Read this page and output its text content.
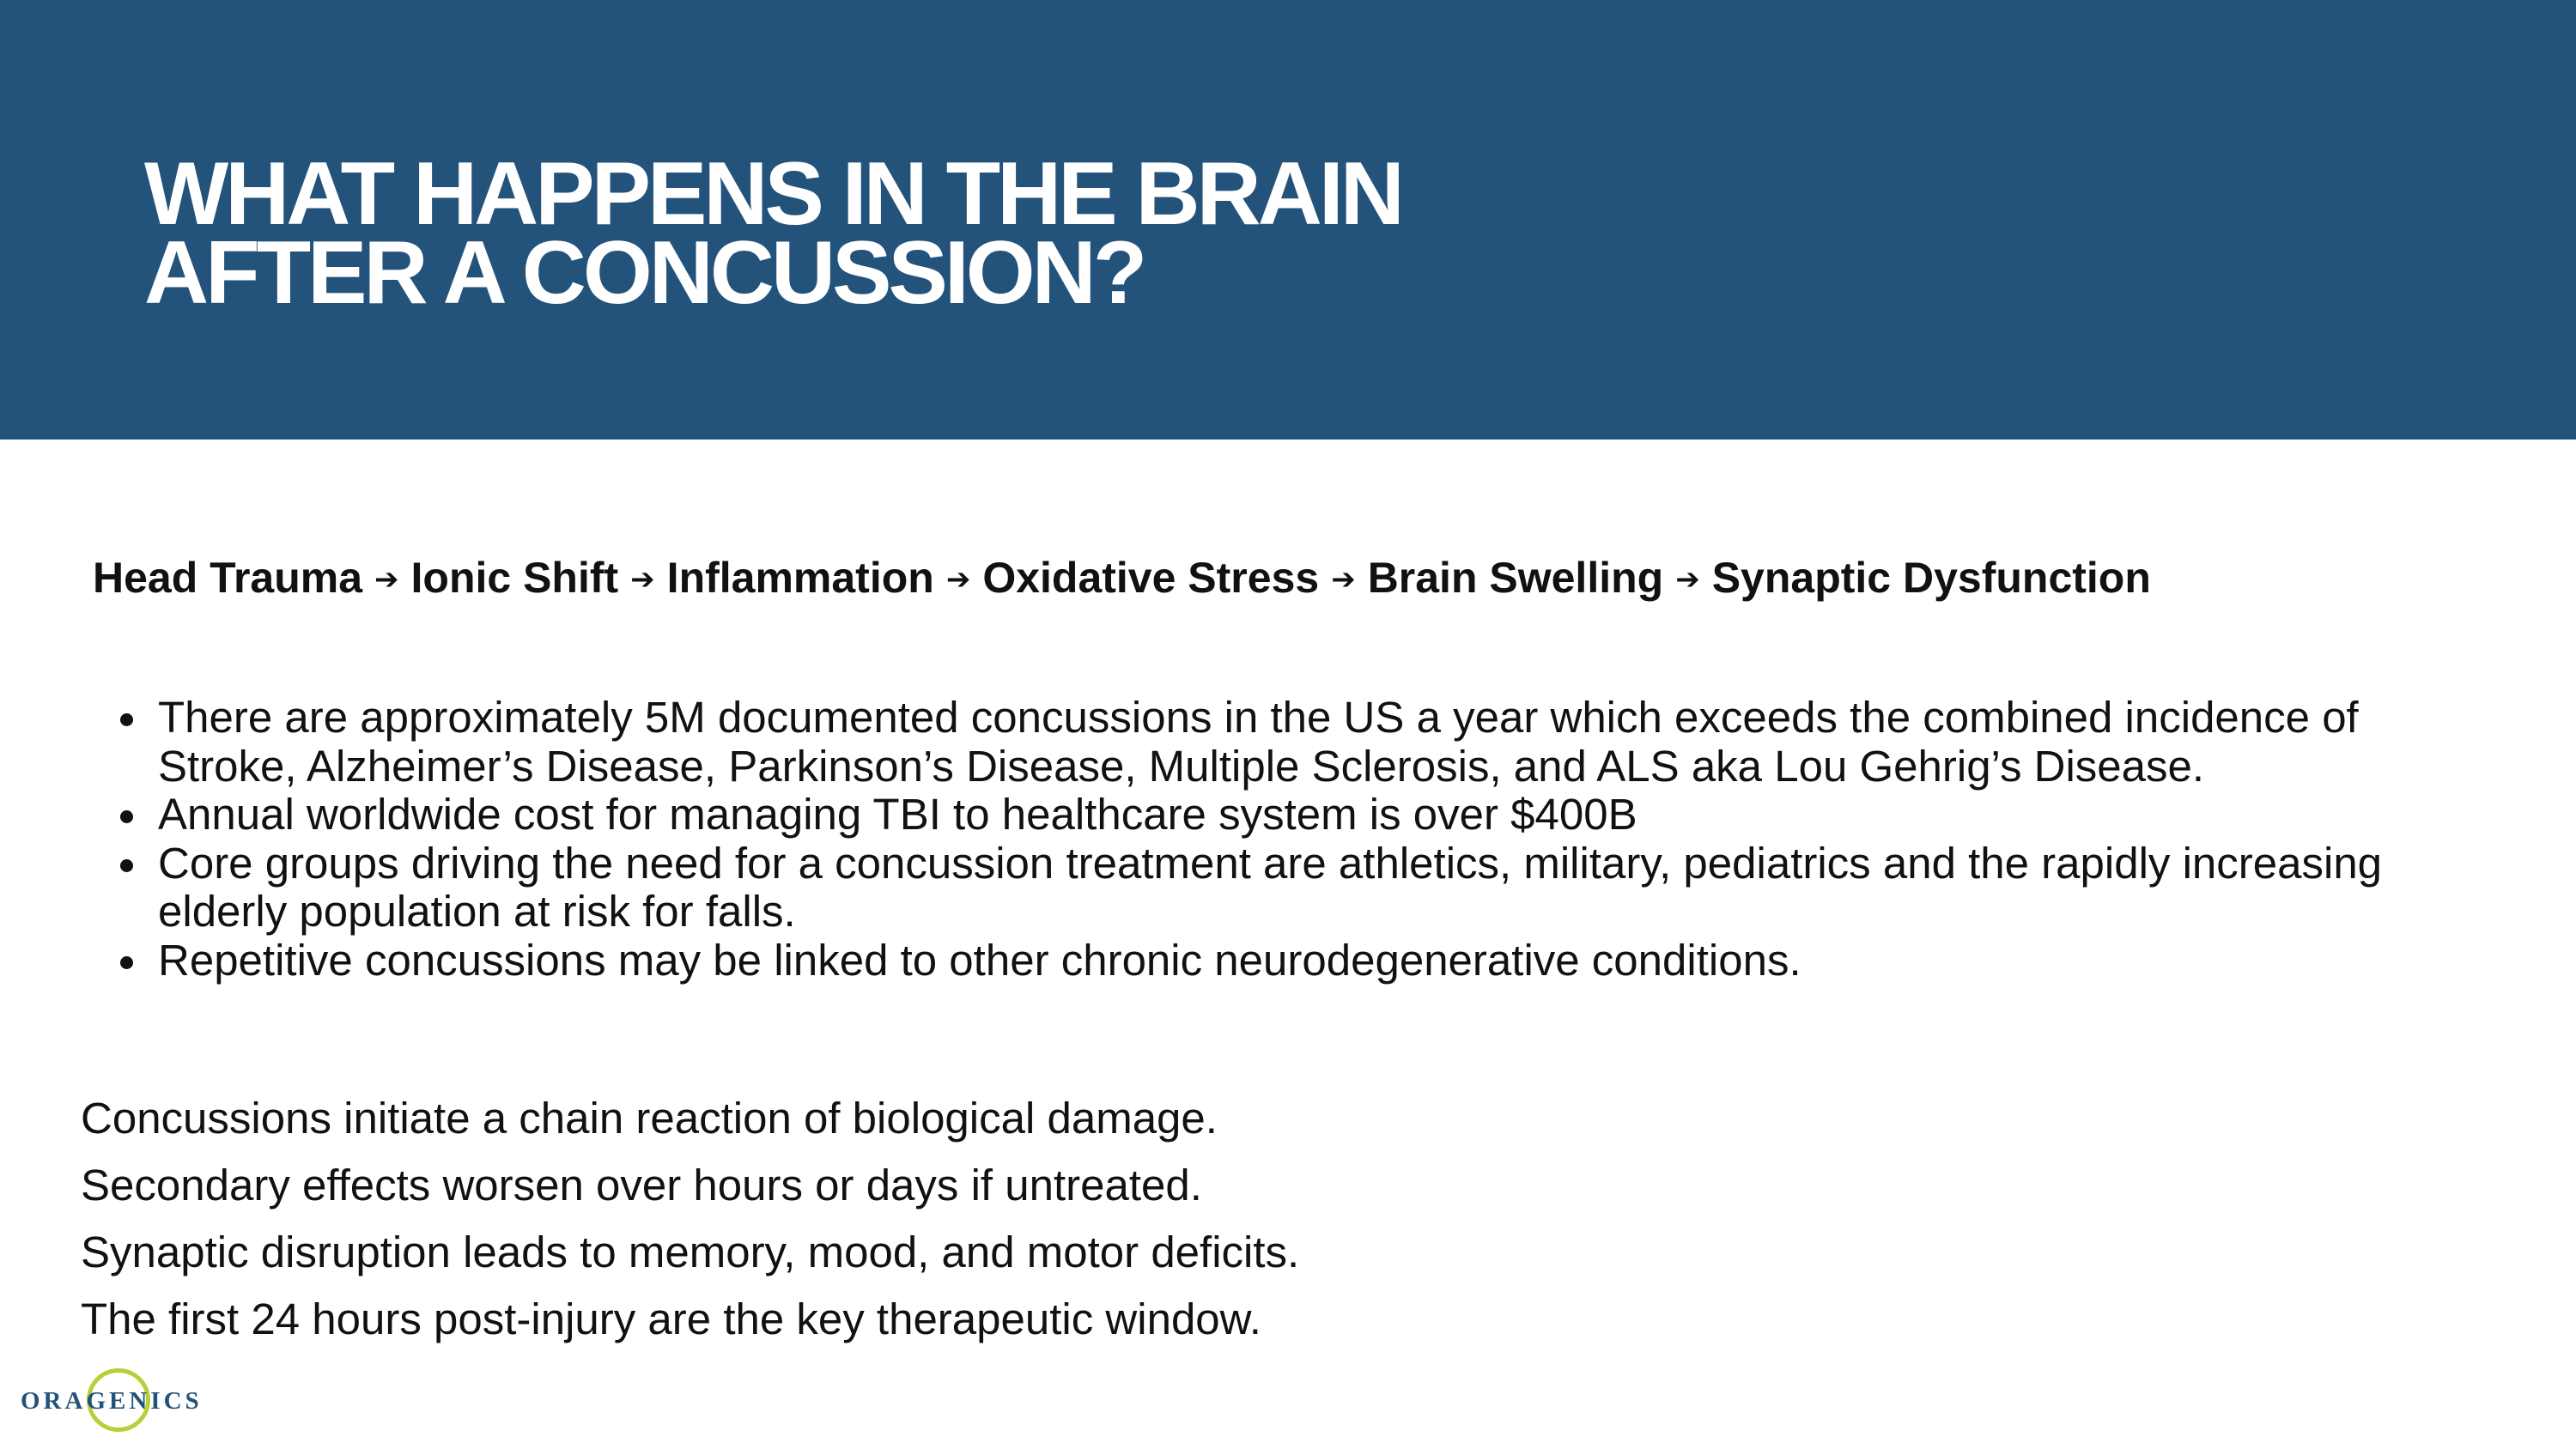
WHAT HAPPENS IN THE BRAIN
AFTER A CONCUSSION?
Head Trauma ➔ Ionic Shift ➔ Inflammation ➔ Oxidative Stress ➔ Brain Swelling ➔ Synaptic Dysfunction
There are approximately 5M documented concussions in the US a year which exceeds the combined incidence of Stroke, Alzheimer’s Disease, Parkinson’s Disease, Multiple Sclerosis, and ALS aka Lou Gehrig’s Disease.
Annual worldwide cost for managing TBI to healthcare system is over $400B
Core groups driving the need for a concussion treatment are athletics, military, pediatrics and the rapidly increasing elderly population at risk for falls.
Repetitive concussions may be linked to other chronic neurodegenerative conditions.

Concussions initiate a chain reaction of biological damage.

Secondary effects worsen over hours or days if untreated.

Synaptic disruption leads to memory, mood, and motor deficits.

The first 24 hours post-injury are the key therapeutic window.

ORAGENICS
